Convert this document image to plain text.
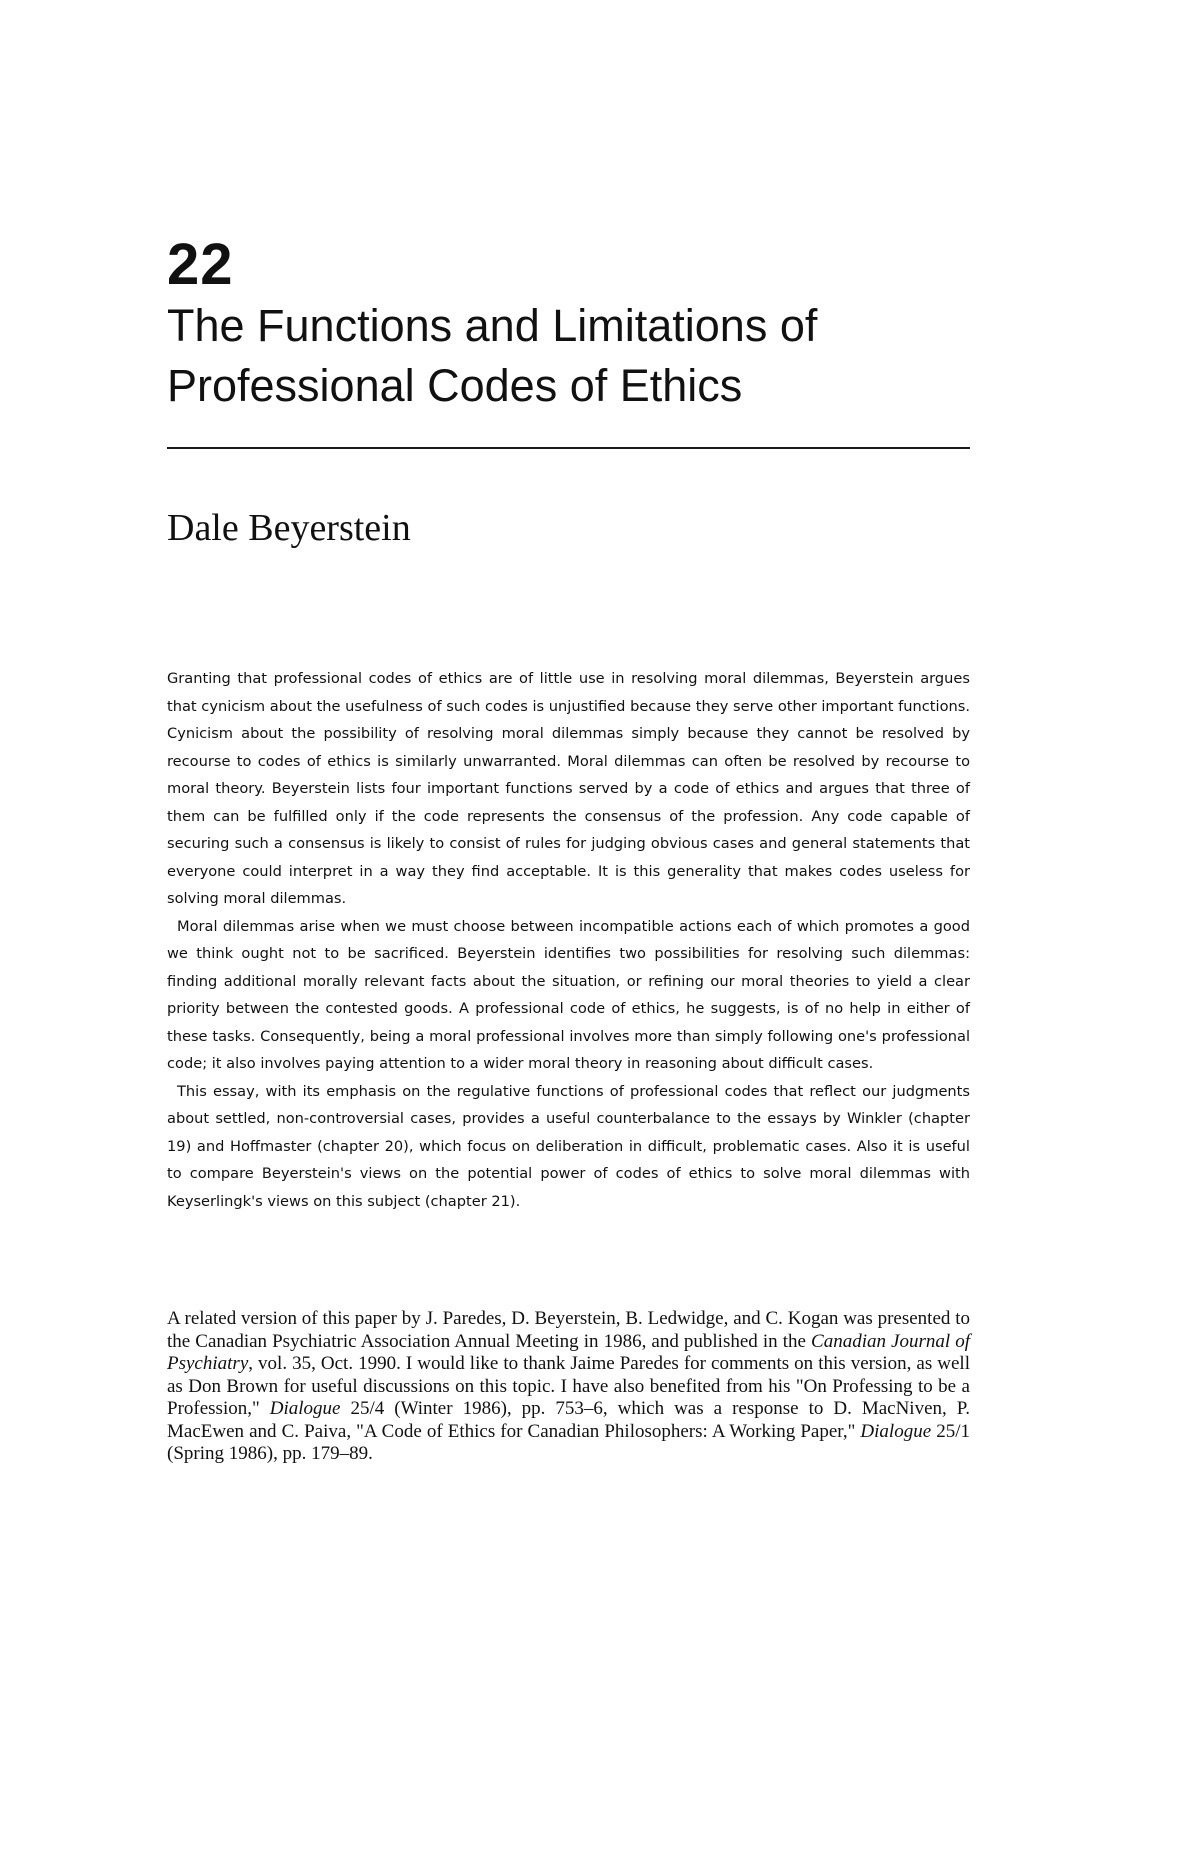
22
The Functions and Limitations of Professional Codes of Ethics

Dale Beyerstein

Granting that professional codes of ethics are of little use in resolving moral dilemmas, Beyerstein argues that cynicism about the usefulness of such codes is unjustified because they serve other important functions. Cynicism about the possibility of resolving moral dilemmas simply because they cannot be resolved by recourse to codes of ethics is similarly unwarranted. Moral dilemmas can often be resolved by recourse to moral theory. Beyerstein lists four important functions served by a code of ethics and argues that three of them can be fulfilled only if the code represents the consensus of the profession. Any code capable of securing such a consensus is likely to consist of rules for judging obvious cases and general statements that everyone could interpret in a way they find acceptable. It is this generality that makes codes useless for solving moral dilemmas.

Moral dilemmas arise when we must choose between incompatible actions each of which promotes a good we think ought not to be sacrificed. Beyerstein identifies two possibilities for resolving such dilemmas: finding additional morally relevant facts about the situation, or refining our moral theories to yield a clear priority between the contested goods. A professional code of ethics, he suggests, is of no help in either of these tasks. Consequently, being a moral professional involves more than simply following one's professional code; it also involves paying attention to a wider moral theory in reasoning about difficult cases.

This essay, with its emphasis on the regulative functions of professional codes that reflect our judgments about settled, non-controversial cases, provides a useful counterbalance to the essays by Winkler (chapter 19) and Hoffmaster (chapter 20), which focus on deliberation in difficult, problematic cases. Also it is useful to compare Beyerstein's views on the potential power of codes of ethics to solve moral dilemmas with Keyserlingk's views on this subject (chapter 21).

A related version of this paper by J. Paredes, D. Beyerstein, B. Ledwidge, and C. Kogan was presented to the Canadian Psychiatric Association Annual Meeting in 1986, and published in the Canadian Journal of Psychiatry, vol. 35, Oct. 1990. I would like to thank Jaime Paredes for comments on this version, as well as Don Brown for useful discussions on this topic. I have also benefited from his "On Professing to be a Profession," Dialogue 25/4 (Winter 1986), pp. 753–6, which was a response to D. MacNiven, P. MacEwen and C. Paiva, "A Code of Ethics for Canadian Philosophers: A Working Paper," Dialogue 25/1 (Spring 1986), pp. 179–89.
